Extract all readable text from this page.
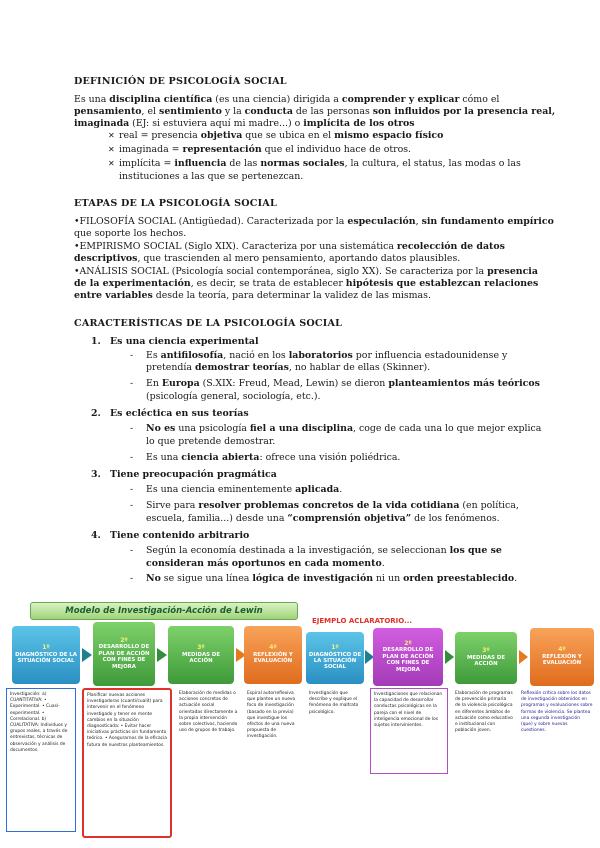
DEFINICIÓN DE PSICOLOGÍA SOCIAL
Es una disciplina científica (es una ciencia) dirigida a comprender y explicar cómo el
pensamiento, el sentimiento y la conducta de las personas son influidos por la presencia real,
imaginada (EJ: si estuviera aquí mi madre...) o implícita de los otros
✕ real = presencia objetiva que se ubica en el mismo espacio físico
✕ imaginada = representación que el individuo hace de otros.
✕ implícita = influencia de las normas sociales, la cultura, el status, las modas o las
instituciones a las que se pertenezcan.
ETAPAS DE LA PSICOLOGÍA SOCIAL
•FILOSOFÍA SOCIAL (Antigüedad). Caracterizada por la especulación, sin fundamento empírico
que soporte los hechos.
•EMPIRISMO SOCIAL (Siglo XIX). Caracteriza por una sistemática recolección de datos
descriptivos, que trascienden al mero pensamiento, aportando datos plausibles.
•ANÁLISIS SOCIAL (Psicología social contemporánea, siglo XX). Se caracteriza por la presencia
de la experimentación, es decir, se trata de establecer hipótesis que establezcan relaciones
entre variables desde la teoría, para determinar la validez de las mismas.
CARACTERÍSTICAS DE LA PSICOLOGÍA SOCIAL
1. Es una ciencia experimental
- Es antifilosofía, nació en los laboratorios por influencia estadounidense y
pretendía demostrar teorías, no hablar de ellas (Skinner).
- En Europa (S.XIX: Freud, Mead, Lewin) se dieron planteamientos más teóricos
(psicología general, sociología, etc.).
2. Es ecléctica en sus teorías
- No es una psicología fiel a una disciplina, coge de cada una lo que mejor explica
lo que pretende demostrar.
- Es una ciencia abierta: ofrece una visión poliédrica.
3. Tiene preocupación pragmática
- Es una ciencia eminentemente aplicada.
- Sirve para resolver problemas concretos de la vida cotidiana (en política,
escuela, familia...) desde una “comprensión objetiva” de los fenómenos.
4. Tiene contenido arbitrario
- Según la economía destinada a la investigación, se seleccionan los que se
consideran más oportunos en cada momento.
- No se sigue una línea lógica de investigación ni un orden preestablecido.
Modelo de Investigación-Acción de Lewin
EJEMPLO ACLARATORIO...
1º
DIAGNÓSTICO DE LA SITUACIÓN SOCIAL
2º
DESARROLLO DE PLAN DE ACCIÓN CON FINES DE MEJORA
3º
MEDIDAS DE ACCIÓN
4º
REFLEXIÓN Y EVALUACIÓN
1º
DIAGNÓSTICO DE LA SITUACIÓN SOCIAL
2º
DESARROLLO DE PLAN DE ACCIÓN CON FINES DE MEJORA
3º
MEDIDAS DE ACCIÓN
4º
REFLEXIÓN Y EVALUACIÓN
Investigación: a) CUANTITATIVA: • Experimental. • Cuasi-experimental. • Correlacional. b) CUALITATIVA: Individuos y grupos reales, a través de entrevistas, técnicas de observación y análisis de documentos.
Planificar nuevas acciones investigadoras (cuanti/cualit) para intervenir en el fenómeno investigado y tener en mente cambios en la situación diagnosticada: • Evitar hacer iniciativas prácticas sin fundamento teórico. • Asegurarnos de la eficacia futura de nuestros planteamientos.
Elaboración de medidas o acciones concretas de actuación social orientadas directamente a la propia intervención sobre colectivos, haciendo uso de grupos de trabajo.
Espiral autorreflexiva que plantee un nuevo foco de investigación (basado en la previa) que investigue los efectos de una nueva propuesta de investigación.
Investigación que describe y explique el fenómeno de maltrato psicológico.
Investigaciones que relacionan la capacidad de desarrollar conductas psicológicas en la pareja con el nivel de inteligencia emocional de los sujetos intervinientes.
Elaboración de programas de prevención primaria de la violencia psicológica en diferentes ámbitos de actuación como educativo e institucional con población joven.
Reflexión crítica sobre los datos de investigación obtenidos en programas y evaluaciones sobre formas de violencia. Se plantea una segunda investigación (que) y sobre nuevas cuestiones.
